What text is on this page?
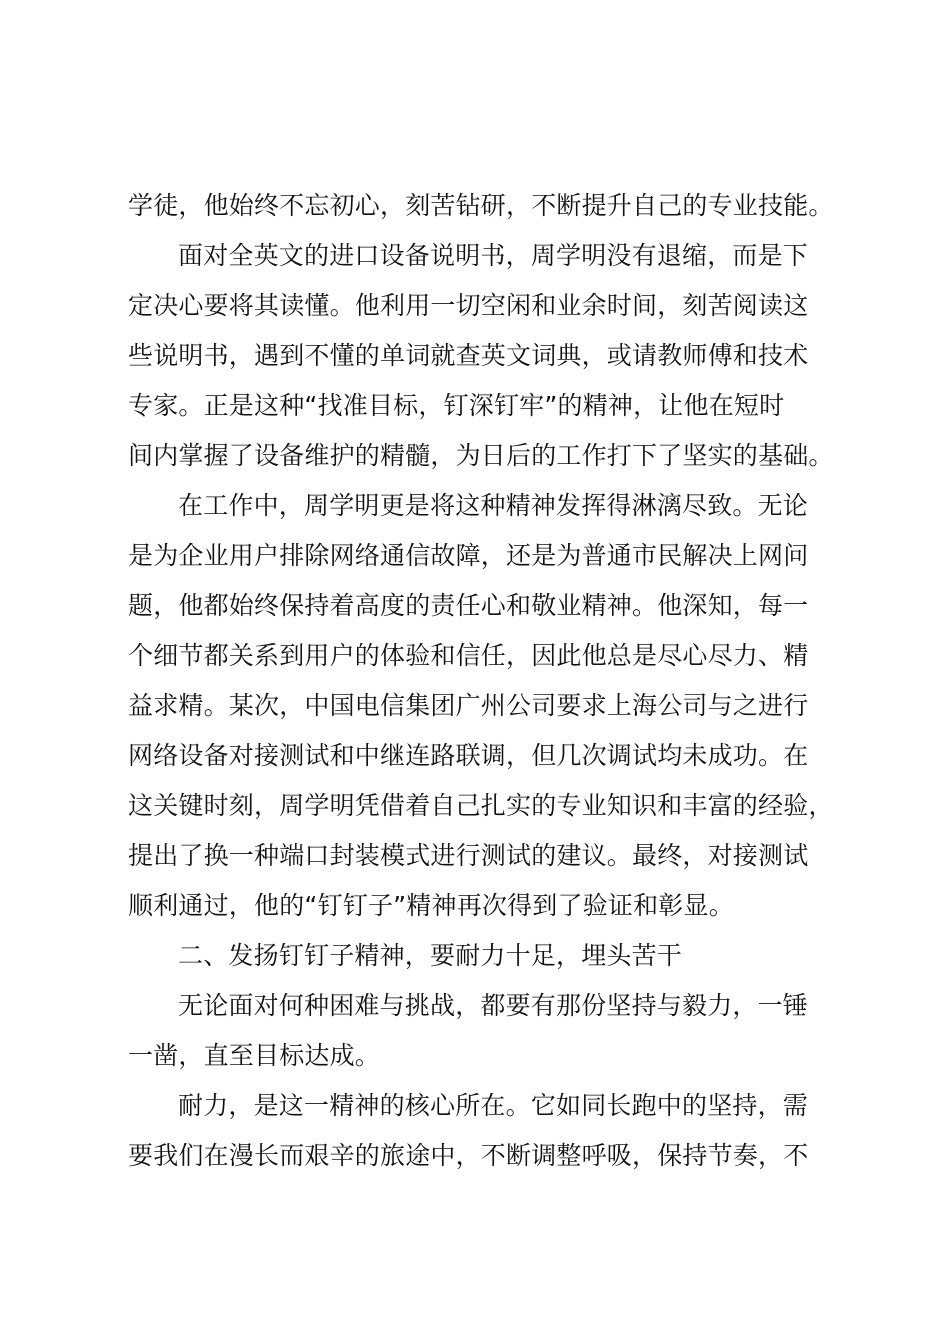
学徒，他始终不忘初心，刻苦钻研，不断提升自己的专业技能。
面对全英文的进口设备说明书，周学明没有退缩，而是下
定决心要将其读懂。他利用一切空闲和业余时间，刻苦阅读这
些说明书，遇到不懂的单词就查英文词典，或请教师傅和技术
专家。正是这种“找准目标，钉深钉牢”的精神，让他在短时
间内掌握了设备维护的精髓，为日后的工作打下了坚实的基础。
在工作中，周学明更是将这种精神发挥得淋漓尽致。无论
是为企业用户排除网络通信故障，还是为普通市民解决上网问
题，他都始终保持着高度的责任心和敬业精神。他深知，每一
个细节都关系到用户的体验和信任，因此他总是尽心尽力、精
益求精。某次，中国电信集团广州公司要求上海公司与之进行
网络设备对接测试和中继连路联调，但几次调试均未成功。在
这关键时刻，周学明凭借着自己扎实的专业知识和丰富的经验，
提出了换一种端口封装模式进行测试的建议。最终，对接测试
顺利通过，他的“钉钉子”精神再次得到了验证和彰显。
二、发扬钉钉子精神，要耐力十足，埋头苦干
无论面对何种困难与挑战，都要有那份坚持与毅力，一锤
一凿，直至目标达成。
耐力，是这一精神的核心所在。它如同长跑中的坚持，需
要我们在漫长而艰辛的旅途中，不断调整呼吸，保持节奏，不
